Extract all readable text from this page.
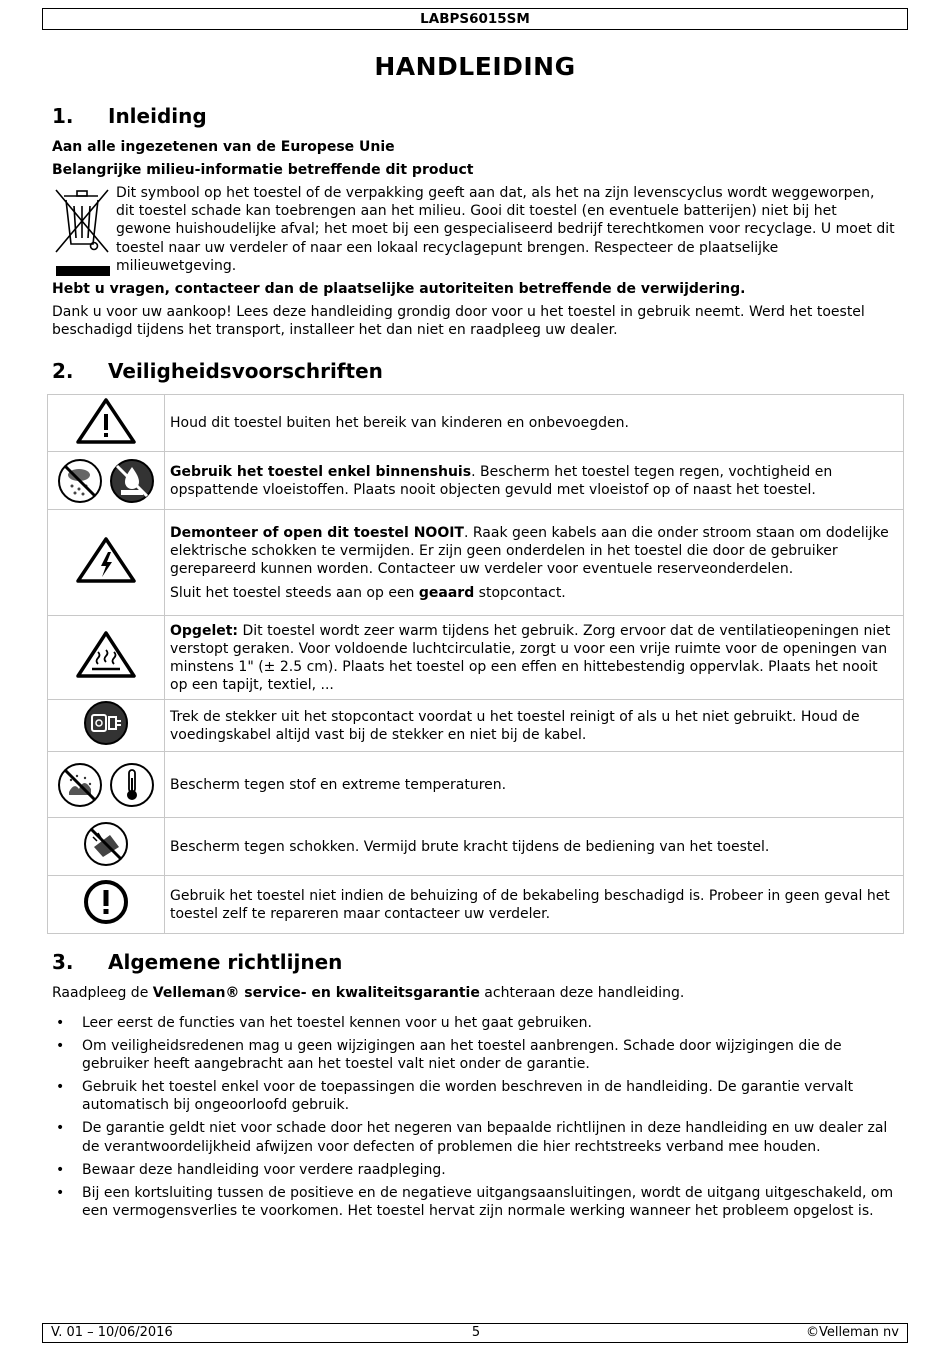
LABPS6015SM
HANDLEIDING
1. Inleiding
Aan alle ingezetenen van de Europese Unie
Belangrijke milieu-informatie betreffende dit product
Dit symbool op het toestel of de verpakking geeft aan dat, als het na zijn levenscyclus wordt weggeworpen, dit toestel schade kan toebrengen aan het milieu. Gooi dit toestel (en eventuele batterijen) niet bij het gewone huishoudelijke afval; het moet bij een gespecialiseerd bedrijf terechtkomen voor recyclage. U moet dit toestel naar uw verdeler of naar een lokaal recyclagepunt brengen. Respecteer de plaatselijke milieuwetgeving.
Hebt u vragen, contacteer dan de plaatselijke autoriteiten betreffende de verwijdering.
Dank u voor uw aankoop! Lees deze handleiding grondig door voor u het toestel in gebruik neemt. Werd het toestel beschadigd tijdens het transport, installeer het dan niet en raadpleeg uw dealer.
2. Veiligheidsvoorschriften

Houd dit toestel buiten het bereik van kinderen en onbevoegden.

Gebruik het toestel enkel binnenshuis. Bescherm het toestel tegen regen, vochtigheid en opspattende vloeistoffen. Plaats nooit objecten gevuld met vloeistof op of naast het toestel.

Demonteer of open dit toestel NOOIT. Raak geen kabels aan die onder stroom staan om dodelijke elektrische schokken te vermijden. Er zijn geen onderdelen in het toestel die door de gebruiker gerepareerd kunnen worden. Contacteer uw verdeler voor eventuele reserveonderdelen.

Sluit het toestel steeds aan op een geaard stopcontact.

Opgelet: Dit toestel wordt zeer warm tijdens het gebruik. Zorg ervoor dat de ventilatieopeningen niet verstopt geraken. Voor voldoende luchtcirculatie, zorgt u voor een vrije ruimte voor de openingen van minstens 1" (± 2.5 cm). Plaats het toestel op een effen en hittebestendig oppervlak. Plaats het nooit op een tapijt, textiel, ...

Trek de stekker uit het stopcontact voordat u het toestel reinigt of als u het niet gebruikt. Houd de voedingskabel altijd vast bij de stekker en niet bij de kabel.

Bescherm tegen stof en extreme temperaturen.

Bescherm tegen schokken. Vermijd brute kracht tijdens de bediening van het toestel.

Gebruik het toestel niet indien de behuizing of de bekabeling beschadigd is. Probeer in geen geval het toestel zelf te repareren maar contacteer uw verdeler.

3. Algemene richtlijnen
Raadpleeg de Velleman® service- en kwaliteitsgarantie achteraan deze handleiding.
• Leer eerst de functies van het toestel kennen voor u het gaat gebruiken.
• Om veiligheidsredenen mag u geen wijzigingen aan het toestel aanbrengen. Schade door wijzigingen die de gebruiker heeft aangebracht aan het toestel valt niet onder de garantie.
• Gebruik het toestel enkel voor de toepassingen die worden beschreven in de handleiding. De garantie vervalt automatisch bij ongeoorloofd gebruik.
• De garantie geldt niet voor schade door het negeren van bepaalde richtlijnen in deze handleiding en uw dealer zal de verantwoordelijkheid afwijzen voor defecten of problemen die hier rechtstreeks verband mee houden.
• Bewaar deze handleiding voor verdere raadpleging.
• Bij een kortsluiting tussen de positieve en de negatieve uitgangsaansluitingen, wordt de uitgang uitgeschakeld, om een vermogensverlies te voorkomen. Het toestel hervat zijn normale werking wanneer het probleem opgelost is.
V. 01 – 10/06/2016	5	©Velleman nv
